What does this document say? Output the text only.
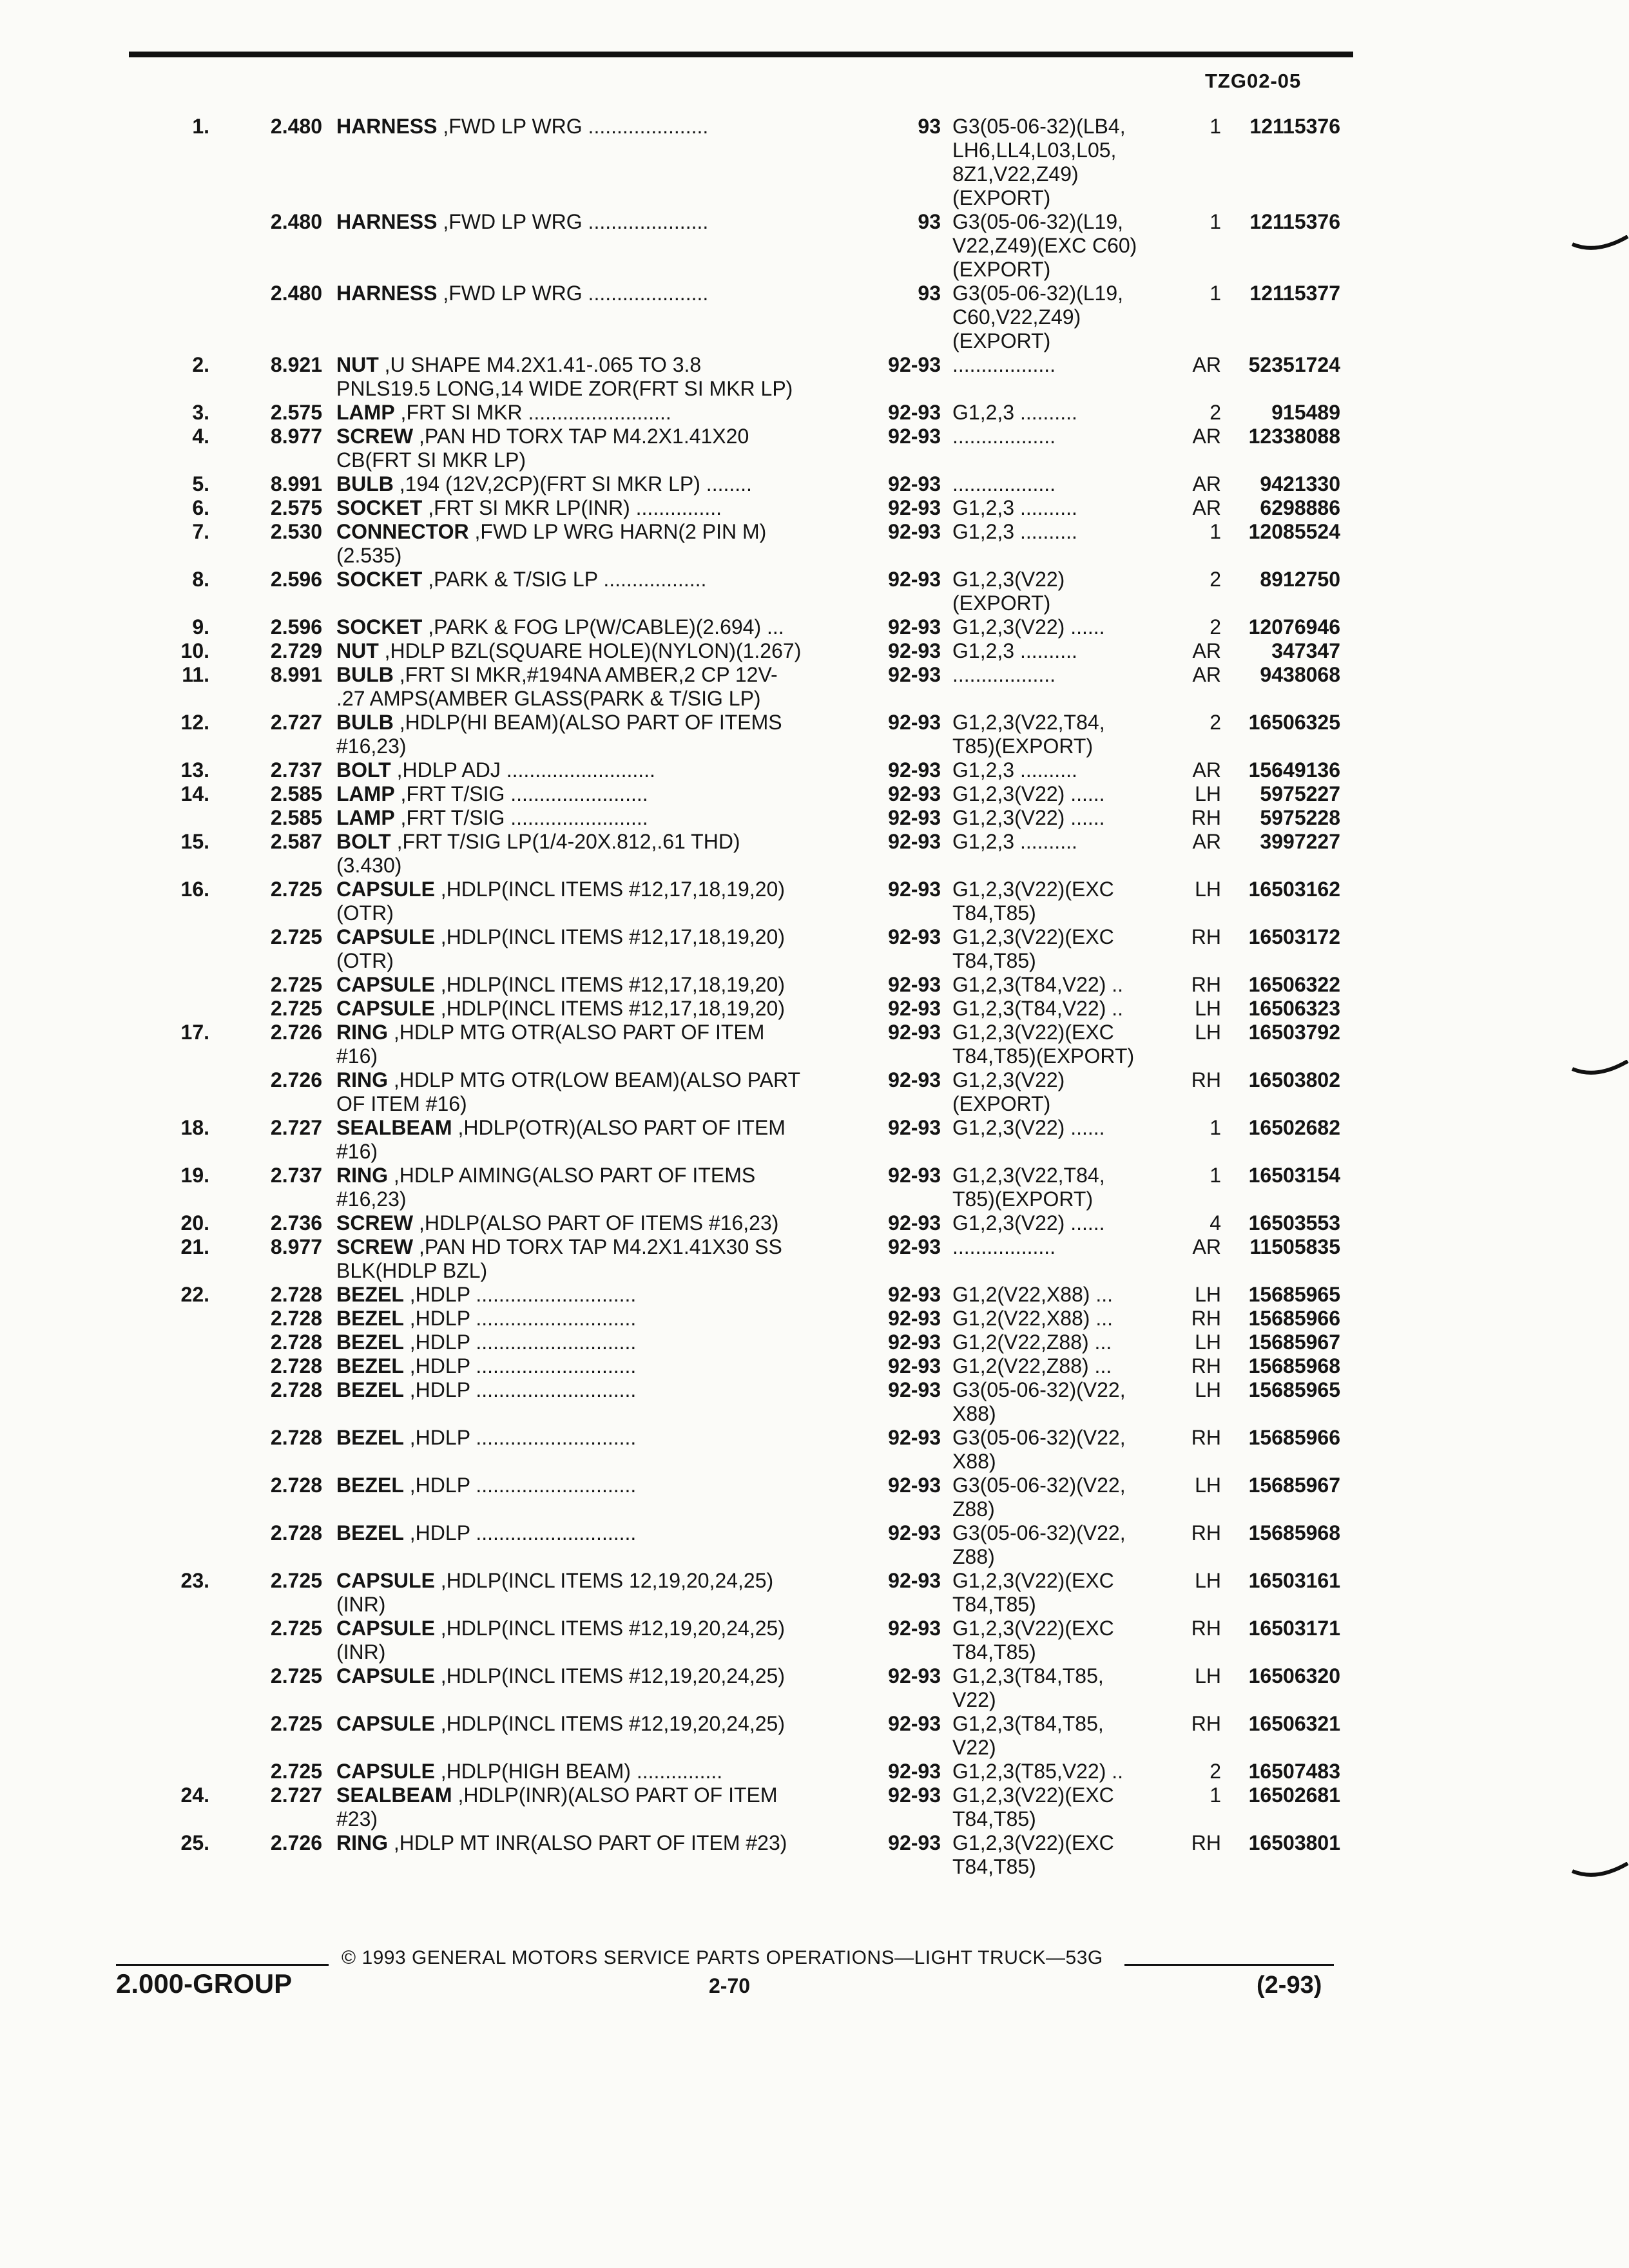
TZG02-05
1.	2.480 HARNESS ,FWD LP WRG .....................	93 G3(05-06-32)(LB4,	1	12115376
LH6,LL4,L03,L05,
8Z1,V22,Z49)
(EXPORT)
2.480 HARNESS ,FWD LP WRG .....................	93 G3(05-06-32)(L19,	1	12115376
V22,Z49)(EXC C60)
(EXPORT)
2.480 HARNESS ,FWD LP WRG .....................	93 G3(05-06-32)(L19,	1	12115377
C60,V22,Z49)
(EXPORT)
2.	8.921 NUT ,U SHAPE M4.2X1.41-.065 TO 3.8	92-93 ..................	AR	52351724
PNLS19.5 LONG,14 WIDE ZOR(FRT SI MKR LP)
3.	2.575 LAMP ,FRT SI MKR .........................	92-93 G1,2,3 ..........	2	915489
4.	8.977 SCREW ,PAN HD TORX TAP M4.2X1.41X20	92-93 ..................	AR	12338088
CB(FRT SI MKR LP)
5.	8.991 BULB ,194 (12V,2CP)(FRT SI MKR LP) ........	92-93 ..................	AR	9421330
6.	2.575 SOCKET ,FRT SI MKR LP(INR) ...............	92-93 G1,2,3 ..........	AR	6298886
7.	2.530 CONNECTOR ,FWD LP WRG HARN(2 PIN M)	92-93 G1,2,3 ..........	1	12085524
(2.535)
8.	2.596 SOCKET ,PARK & T/SIG LP ..................	92-93 G1,2,3(V22)	2	8912750
(EXPORT)
9.	2.596 SOCKET ,PARK & FOG LP(W/CABLE)(2.694) ...	92-93 G1,2,3(V22) ......	2	12076946
10.	2.729 NUT ,HDLP BZL(SQUARE HOLE)(NYLON)(1.267)	92-93 G1,2,3 ..........	AR	347347
11.	8.991 BULB ,FRT SI MKR,#194NA AMBER,2 CP 12V-	92-93 ..................	AR	9438068
.27 AMPS(AMBER GLASS(PARK & T/SIG LP)
12.	2.727 BULB ,HDLP(HI BEAM)(ALSO PART OF ITEMS	92-93 G1,2,3(V22,T84,	2	16506325
#16,23)	T85)(EXPORT)
13.	2.737 BOLT ,HDLP ADJ ..........................	92-93 G1,2,3 ..........	AR	15649136
14.	2.585 LAMP ,FRT T/SIG ........................	92-93 G1,2,3(V22) ......	LH	5975227
2.585 LAMP ,FRT T/SIG ........................	92-93 G1,2,3(V22) ......	RH	5975228
15.	2.587 BOLT ,FRT T/SIG LP(1/4-20X.812,.61 THD)	92-93 G1,2,3 ..........	AR	3997227
(3.430)
16.	2.725 CAPSULE ,HDLP(INCL ITEMS #12,17,18,19,20)	92-93 G1,2,3(V22)(EXC	LH	16503162
(OTR)	T84,T85)
2.725 CAPSULE ,HDLP(INCL ITEMS #12,17,18,19,20)	92-93 G1,2,3(V22)(EXC	RH	16503172
(OTR)	T84,T85)
2.725 CAPSULE ,HDLP(INCL ITEMS #12,17,18,19,20)	92-93 G1,2,3(T84,V22) ..	RH	16506322
2.725 CAPSULE ,HDLP(INCL ITEMS #12,17,18,19,20)	92-93 G1,2,3(T84,V22) ..	LH	16506323
17.	2.726 RING ,HDLP MTG OTR(ALSO PART OF ITEM	92-93 G1,2,3(V22)(EXC	LH	16503792
#16)	T84,T85)(EXPORT)
2.726 RING ,HDLP MTG OTR(LOW BEAM)(ALSO PART	92-93 G1,2,3(V22)	RH	16503802
OF ITEM #16)	(EXPORT)
18.	2.727 SEALBEAM ,HDLP(OTR)(ALSO PART OF ITEM	92-93 G1,2,3(V22) ......	1	16502682
#16)
19.	2.737 RING ,HDLP AIMING(ALSO PART OF ITEMS	92-93 G1,2,3(V22,T84,	1	16503154
#16,23)	T85)(EXPORT)
20.	2.736 SCREW ,HDLP(ALSO PART OF ITEMS #16,23)	92-93 G1,2,3(V22) ......	4	16503553
21.	8.977 SCREW ,PAN HD TORX TAP M4.2X1.41X30 SS	92-93 ..................	AR	11505835
BLK(HDLP BZL)
22.	2.728 BEZEL ,HDLP ............................	92-93 G1,2(V22,X88) ...	LH	15685965
2.728 BEZEL ,HDLP ............................	92-93 G1,2(V22,X88) ...	RH	15685966
2.728 BEZEL ,HDLP ............................	92-93 G1,2(V22,Z88) ...	LH	15685967
2.728 BEZEL ,HDLP ............................	92-93 G1,2(V22,Z88) ...	RH	15685968
2.728 BEZEL ,HDLP ............................	92-93 G3(05-06-32)(V22,	LH	15685965
X88)
2.728 BEZEL ,HDLP ............................	92-93 G3(05-06-32)(V22,	RH	15685966
X88)
2.728 BEZEL ,HDLP ............................	92-93 G3(05-06-32)(V22,	LH	15685967
Z88)
2.728 BEZEL ,HDLP ............................	92-93 G3(05-06-32)(V22,	RH	15685968
Z88)
23.	2.725 CAPSULE ,HDLP(INCL ITEMS 12,19,20,24,25)	92-93 G1,2,3(V22)(EXC	LH	16503161
(INR)	T84,T85)
2.725 CAPSULE ,HDLP(INCL ITEMS #12,19,20,24,25)	92-93 G1,2,3(V22)(EXC	RH	16503171
(INR)	T84,T85)
2.725 CAPSULE ,HDLP(INCL ITEMS #12,19,20,24,25)	92-93 G1,2,3(T84,T85,	LH	16506320
V22)
2.725 CAPSULE ,HDLP(INCL ITEMS #12,19,20,24,25)	92-93 G1,2,3(T84,T85,	RH	16506321
V22)
2.725 CAPSULE ,HDLP(HIGH BEAM) ...............	92-93 G1,2,3(T85,V22) ..	2	16507483
24.	2.727 SEALBEAM ,HDLP(INR)(ALSO PART OF ITEM	92-93 G1,2,3(V22)(EXC	1	16502681
#23)	T84,T85)
25.	2.726 RING ,HDLP MT INR(ALSO PART OF ITEM #23)	92-93 G1,2,3(V22)(EXC	RH	16503801
T84,T85)
© 1993 GENERAL MOTORS SERVICE PARTS OPERATIONS—LIGHT TRUCK—53G
2.000-GROUP	2-70	(2-93)
